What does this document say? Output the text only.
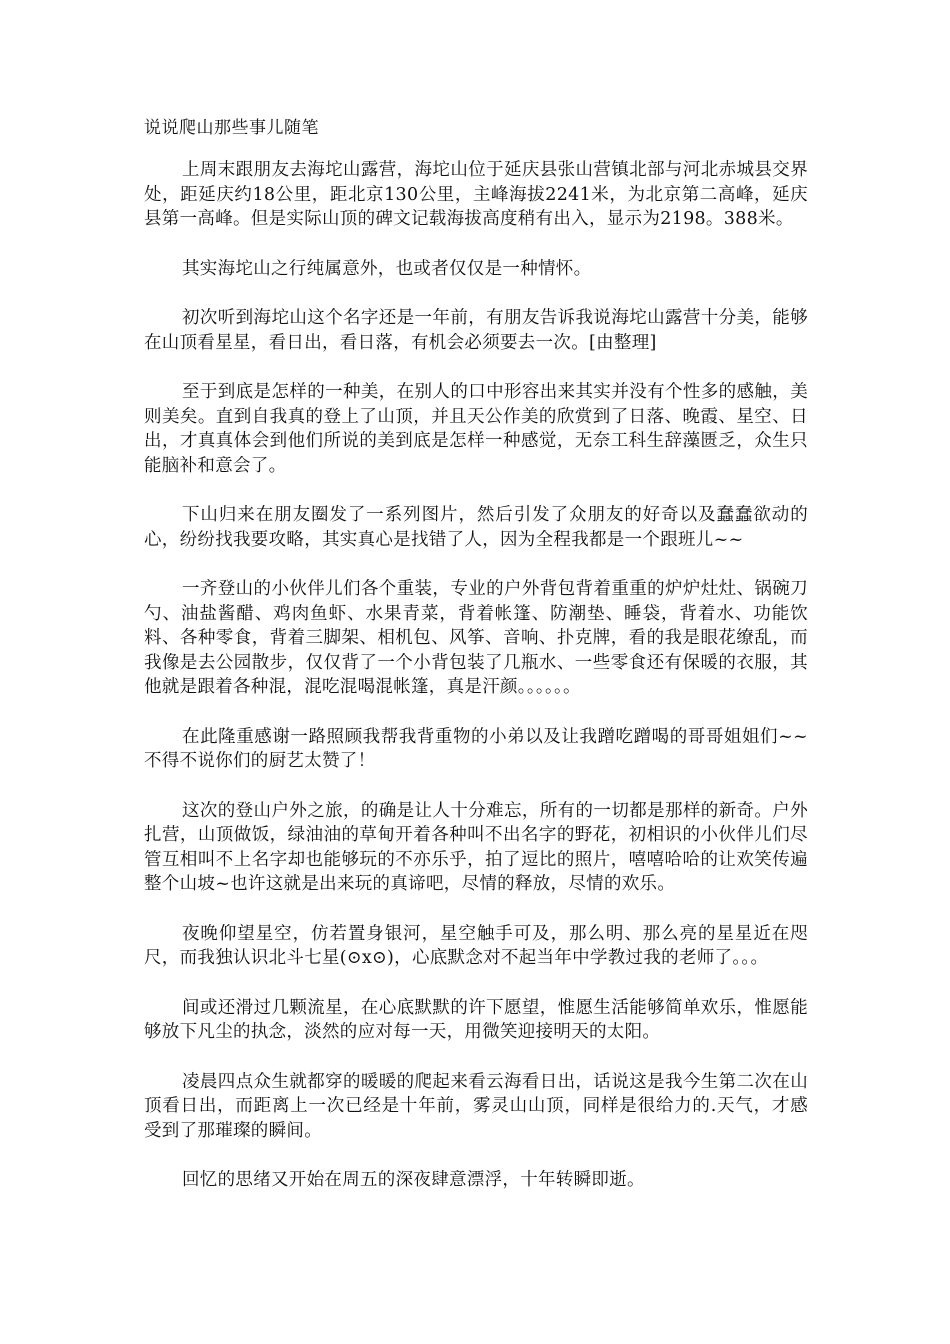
说说爬山那些事儿随笔

上周末跟朋友去海坨山露营，海坨山位于延庆县张山营镇北部与河北赤城县交界处，距延庆约18公里，距北京130公里，主峰海拔2241米，为北京第二高峰，延庆县第一高峰。但是实际山顶的碑文记载海拔高度稍有出入，显示为2198。388米。

其实海坨山之行纯属意外，也或者仅仅是一种情怀。

初次听到海坨山这个名字还是一年前，有朋友告诉我说海坨山露营十分美，能够在山顶看星星，看日出，看日落，有机会必须要去一次。[由整理]

至于到底是怎样的一种美，在别人的口中形容出来其实并没有个性多的感触，美则美矣。直到自我真的登上了山顶，并且天公作美的欣赏到了日落、晚霞、星空、日出，才真真体会到他们所说的美到底是怎样一种感觉，无奈工科生辞藻匮乏，众生只能脑补和意会了。

下山归来在朋友圈发了一系列图片，然后引发了众朋友的好奇以及蠢蠢欲动的心，纷纷找我要攻略，其实真心是找错了人，因为全程我都是一个跟班儿~~

一齐登山的小伙伴儿们各个重装，专业的户外背包背着重重的炉炉灶灶、锅碗刀勺、油盐酱醋、鸡肉鱼虾、水果青菜，背着帐篷、防潮垫、睡袋，背着水、功能饮料、各种零食，背着三脚架、相机包、风筝、音响、扑克牌，看的我是眼花缭乱，而我像是去公园散步，仅仅背了一个小背包装了几瓶水、一些零食还有保暖的衣服，其他就是跟着各种混，混吃混喝混帐篷，真是汗颜。。。。。。

在此隆重感谢一路照顾我帮我背重物的小弟以及让我蹭吃蹭喝的哥哥姐姐们~~不得不说你们的厨艺太赞了！

这次的登山户外之旅，的确是让人十分难忘，所有的一切都是那样的新奇。户外扎营，山顶做饭，绿油油的草甸开着各种叫不出名字的野花，初相识的小伙伴儿们尽管互相叫不上名字却也能够玩的不亦乐乎，拍了逗比的照片，嘻嘻哈哈的让欢笑传遍整个山坡~也许这就是出来玩的真谛吧，尽情的释放，尽情的欢乐。

夜晚仰望星空，仿若置身银河，星空触手可及，那么明、那么亮的星星近在咫尺，而我独认识北斗七星(⊙x⊙)，心底默念对不起当年中学教过我的老师了。。。

间或还滑过几颗流星，在心底默默的许下愿望，惟愿生活能够简单欢乐，惟愿能够放下凡尘的执念，淡然的应对每一天，用微笑迎接明天的太阳。

凌晨四点众生就都穿的暖暖的爬起来看云海看日出，话说这是我今生第二次在山顶看日出，而距离上一次已经是十年前，雾灵山山顶，同样是很给力的.天气，才感受到了那璀璨的瞬间。

回忆的思绪又开始在周五的深夜肆意漂浮，十年转瞬即逝。
